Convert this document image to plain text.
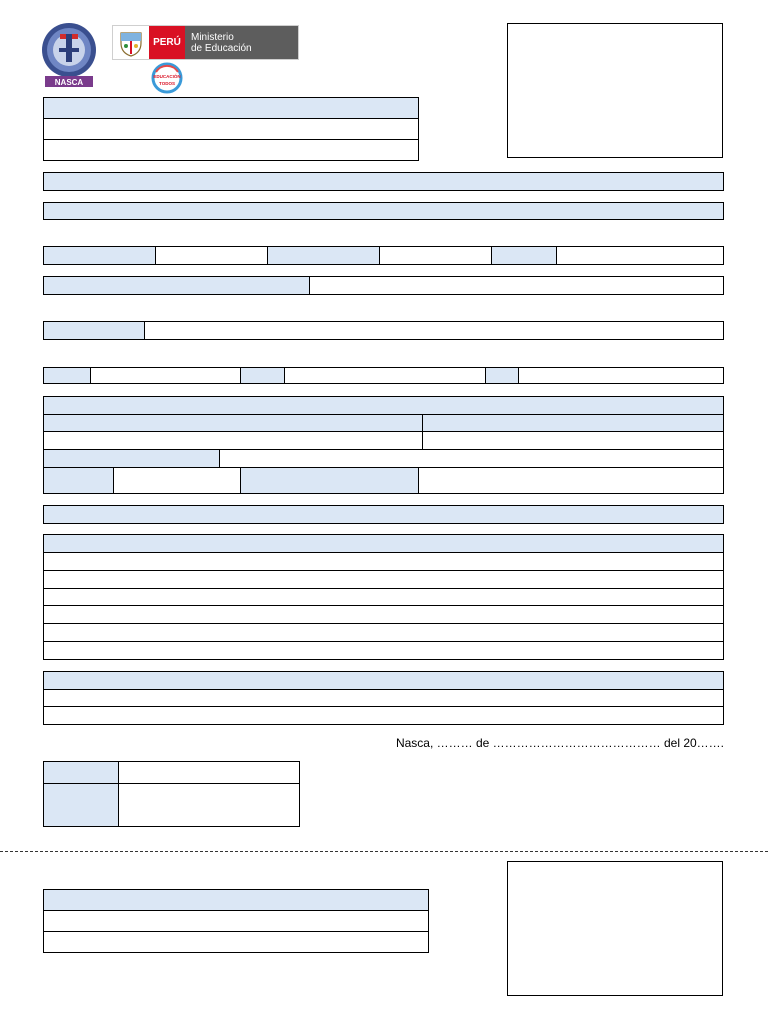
NASCA
PERÚ	Ministerio
de Educación
EDUCACIÓN
TODOS
Nasca, ……… de …………………………………… del 20…….
